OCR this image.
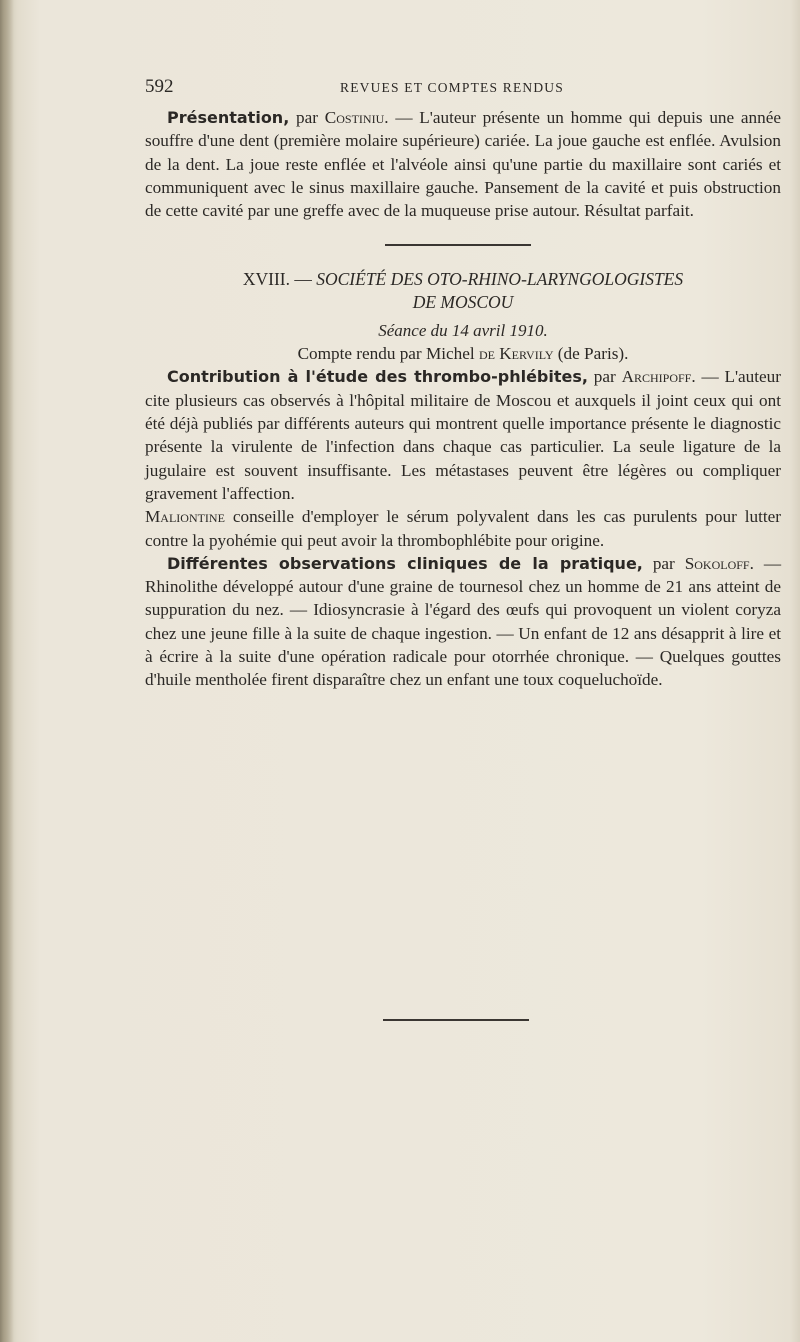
592	REVUES ET COMPTES RENDUS

Présentation, par Costiniu. — L'auteur présente un homme qui depuis une année souffre d'une dent (première molaire supérieure) cariée. La joue gauche est enflée. Avulsion de la dent. La joue reste enflée et l'alvéole ainsi qu'une partie du maxillaire sont cariés et communiquent avec le sinus maxillaire gauche. Pansement de la cavité et puis obstruction de cette cavité par une greffe avec de la muqueuse prise autour. Résultat parfait.

XVIII. — SOCIÉTÉ DES OTO-RHINO-LARYNGOLOGISTES
DE MOSCOU
Séance du 14 avril 1910.

Compte rendu par Michel de Kervily (de Paris).

Contribution à l'étude des thrombo-phlébites, par Archipoff. — L'auteur cite plusieurs cas observés à l'hôpital militaire de Moscou et auxquels il joint ceux qui ont été déjà publiés par différents auteurs qui montrent quelle importance présente le diagnostic présente la virulente de l'infection dans chaque cas particulier. La seule ligature de la jugulaire est souvent insuffisante. Les métastases peuvent être légères ou compliquer gravement l'affection.

Maliontine conseille d'employer le sérum polyvalent dans les cas purulents pour lutter contre la pyohémie qui peut avoir la thrombophlébite pour origine.

Différentes observations cliniques de la pratique, par Sokoloff. — Rhinolithe développé autour d'une graine de tournesol chez un homme de 21 ans atteint de suppuration du nez. — Idiosyncrasie à l'égard des œufs qui provoquent un violent coryza chez une jeune fille à la suite de chaque ingestion. — Un enfant de 12 ans désapprit à lire et à écrire à la suite d'une opération radicale pour otorrhée chronique. — Quelques gouttes d'huile mentholée firent disparaître chez un enfant une toux coqueluchoïde.
